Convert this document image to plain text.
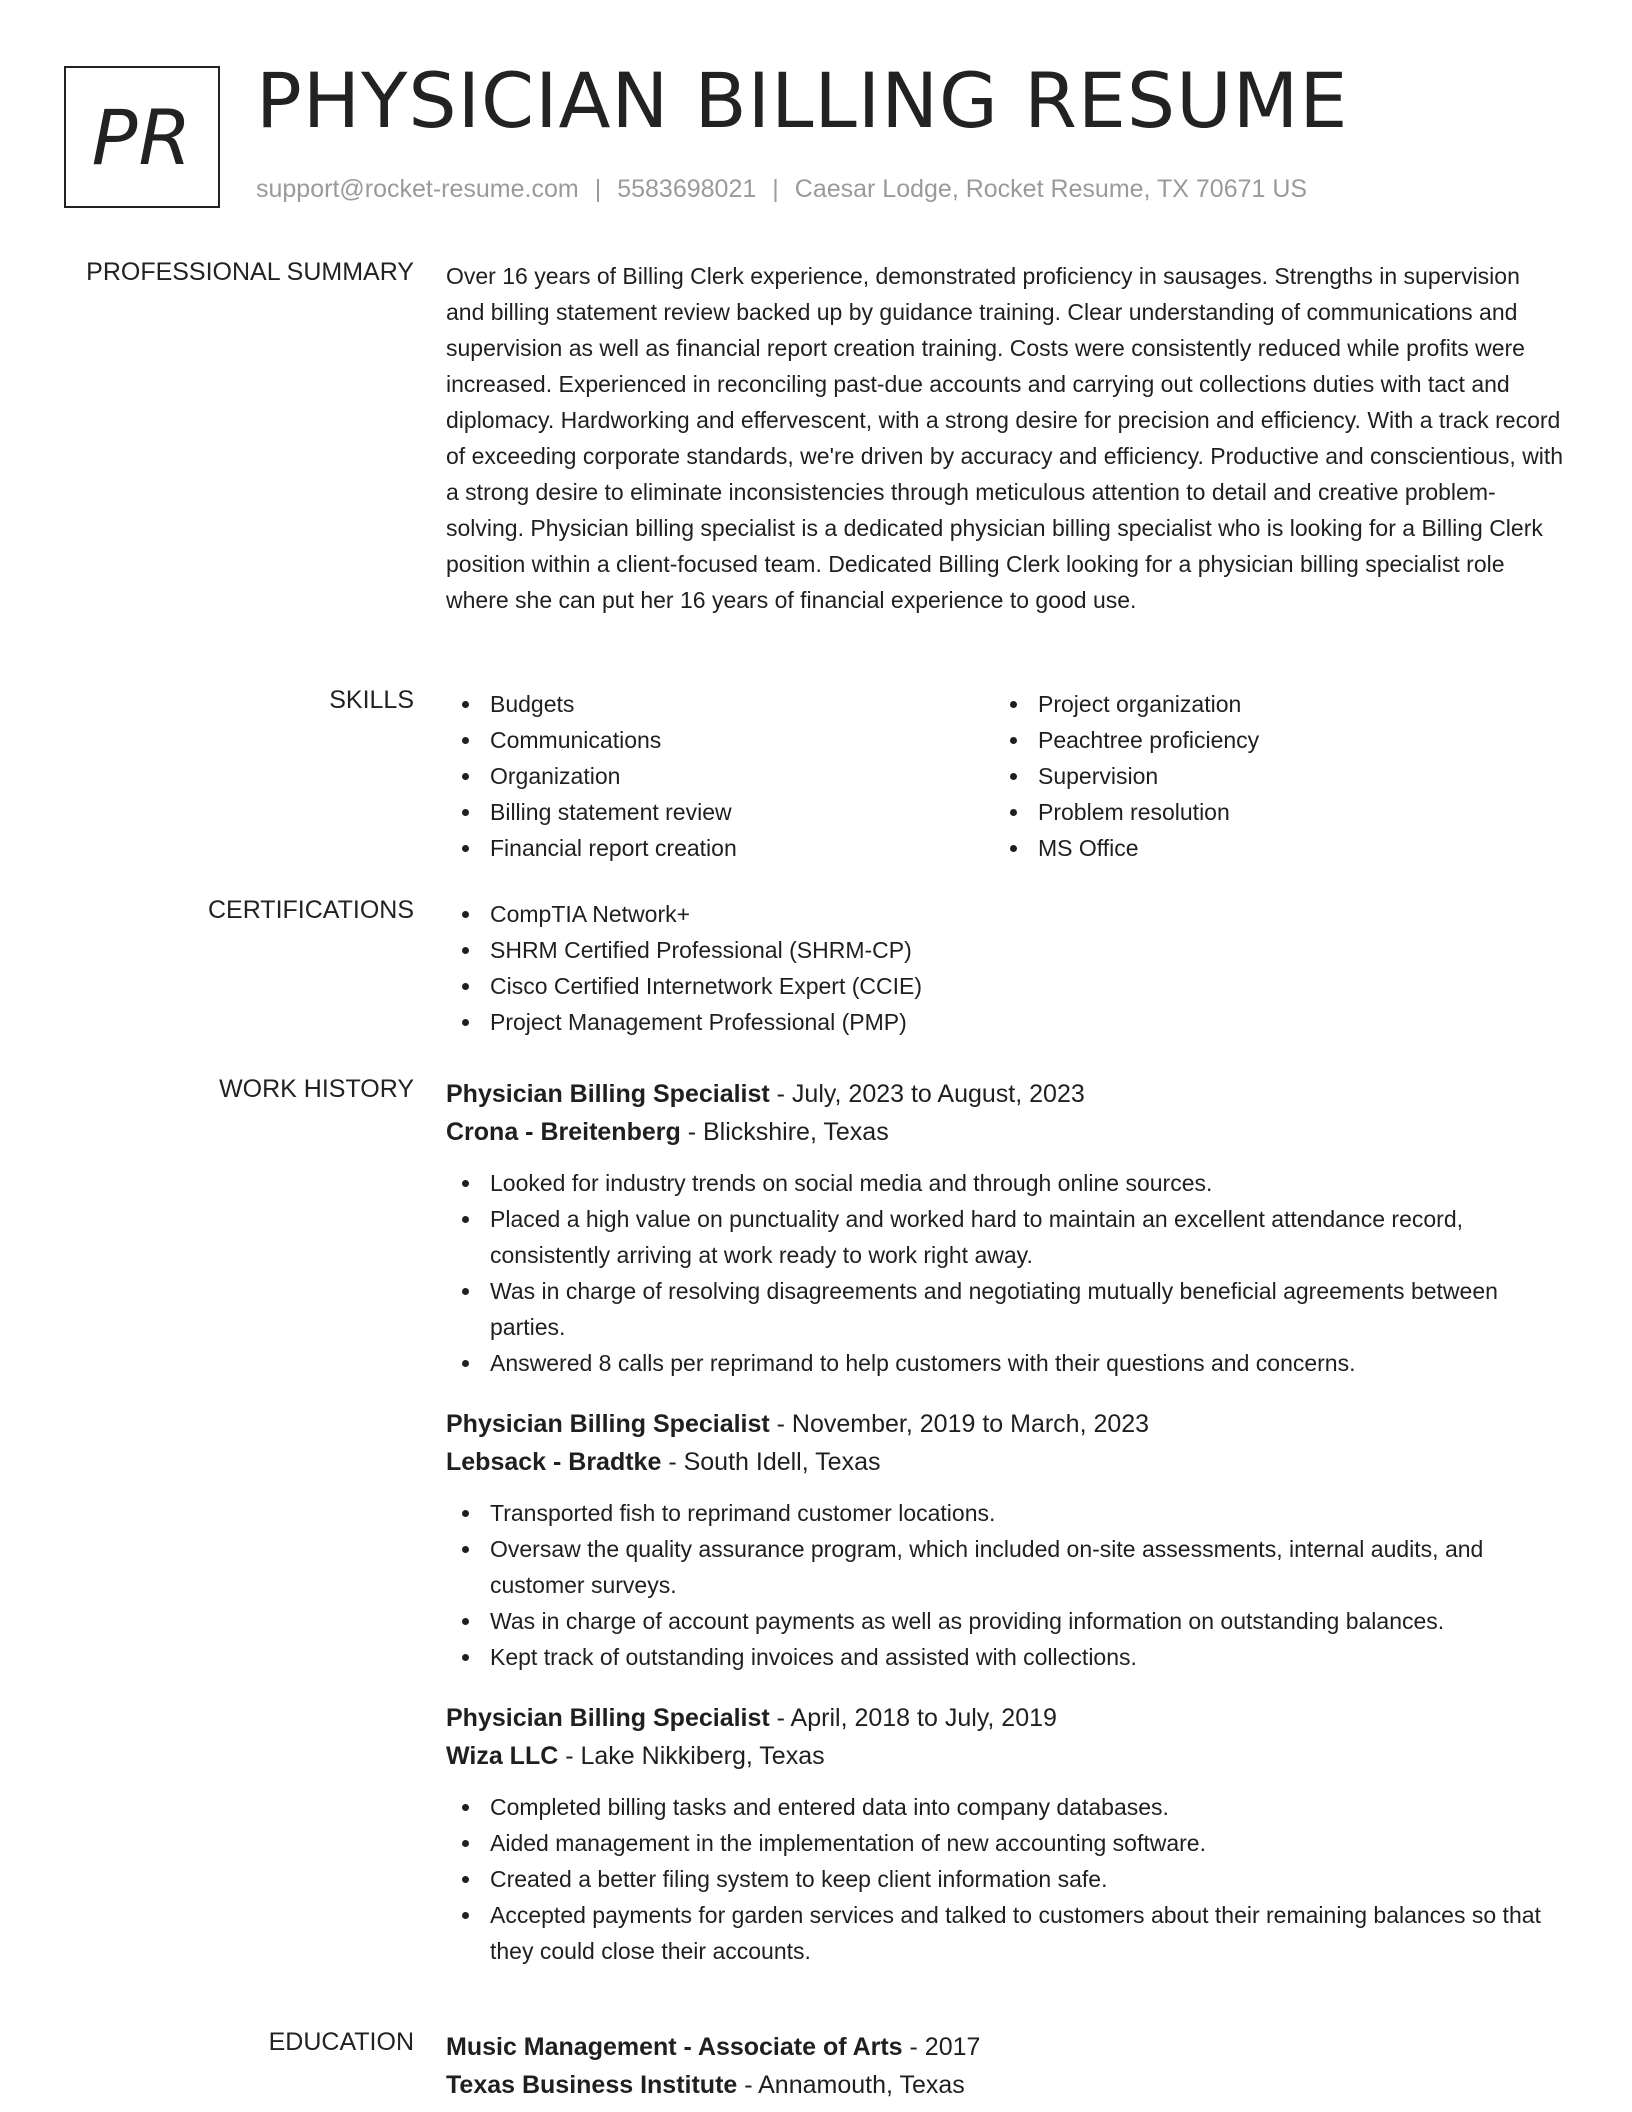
PR PHYSICIAN BILLING RESUME
support@rocket-resume.com | 5583698021 | Caesar Lodge, Rocket Resume, TX 70671 US
PROFESSIONAL SUMMARY Over 16 years of Billing Clerk experience, demonstrated proficiency in sausages. Strengths in supervision and billing statement review backed up by guidance training. Clear understanding of communications and supervision as well as financial report creation training. Costs were consistently reduced while profits were increased. Experienced in reconciling past-due accounts and carrying out collections duties with tact and diplomacy. Hardworking and effervescent, with a strong desire for precision and efficiency. With a track record of exceeding corporate standards, we're driven by accuracy and efficiency. Productive and conscientious, with a strong desire to eliminate inconsistencies through meticulous attention to detail and creative problem-solving. Physician billing specialist is a dedicated physician billing specialist who is looking for a Billing Clerk position within a client-focused team. Dedicated Billing Clerk looking for a physician billing specialist role where she can put her 16 years of financial experience to good use.

SKILLS	Budgets
Communications
Organization
Billing statement review
Financial report creation
Project organization
Peachtree proficiency
Supervision
Problem resolution
MS Office
CERTIFICATIONS	CompTIA Network+
SHRM Certified Professional (SHRM-CP)
Cisco Certified Internetwork Expert (CCIE)
Project Management Professional (PMP)
WORK HISTORY Physician Billing Specialist - July, 2023 to August, 2023
Crona - Breitenberg - Blickshire, Texas
Looked for industry trends on social media and through online sources.
Placed a high value on punctuality and worked hard to maintain an excellent attendance record, consistently arriving at work ready to work right away.
Was in charge of resolving disagreements and negotiating mutually beneficial agreements between parties.
Answered 8 calls per reprimand to help customers with their questions and concerns.
Physician Billing Specialist - November, 2019 to March, 2023
Lebsack - Bradtke - South Idell, Texas
Transported fish to reprimand customer locations.
Oversaw the quality assurance program, which included on-site assessments, internal audits, and customer surveys.
Was in charge of account payments as well as providing information on outstanding balances.
Kept track of outstanding invoices and assisted with collections.
Physician Billing Specialist - April, 2018 to July, 2019
Wiza LLC - Lake Nikkiberg, Texas
Completed billing tasks and entered data into company databases.
Aided management in the implementation of new accounting software.
Created a better filing system to keep client information safe.
Accepted payments for garden services and talked to customers about their remaining balances so that they could close their accounts.
EDUCATION Music Management - Associate of Arts - 2017
Texas Business Institute - Annamouth, Texas
